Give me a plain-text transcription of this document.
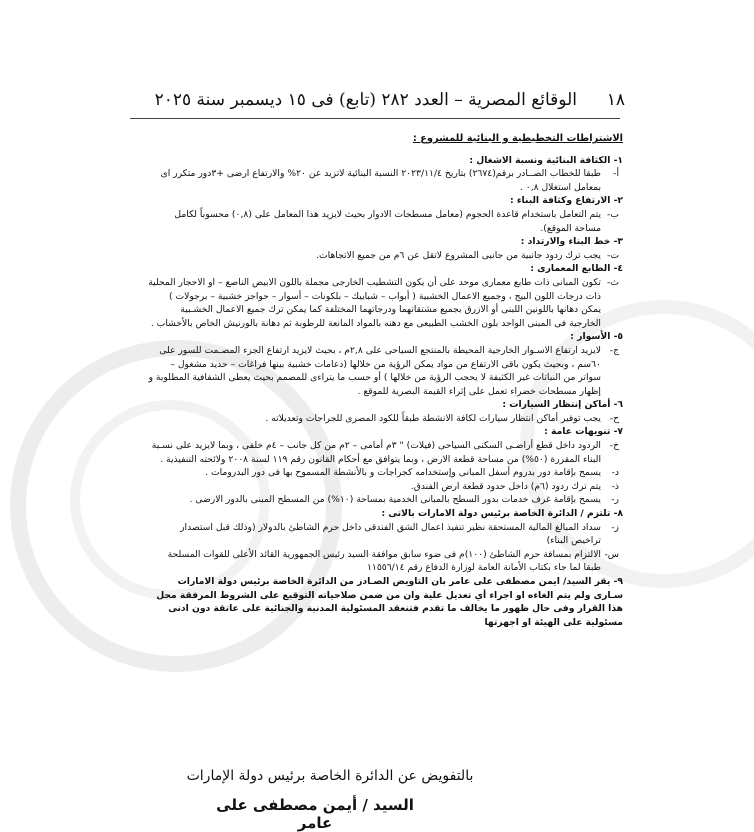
١٨
الوقائع المصرية – العدد ٢٨٢ (تابع) فى ١٥ ديسمبر سنة ٢٠٢٥

الاشتراطات التخطيطية و البنائية للمشروع :

١- الكثافة البنائية ونسبة الاشغال :

أ-
طبقا للخطاب الصــادر برقم(٢٦٧٤) بتاريخ ٢٠٢٣/١١/٤ النسبة البنائية لاتزيد عن ٢٠% والارتفاع ارضى +٣دور متكرر اى بمعامل استغلال ٠,٨ .

٢- الارتفاع وكثافة البناء :

ب-
يتم التعامل باستخدام قاعدة الحجوم (معامل مسطحات الادوار بحيث لايزيد هذا المعامل على (٠,٨) محسوباً لكامل مساحة الموقع).

٣- خط البناء والارتداد :

ت-
يجب ترك ردود جانبية من جانبى المشروع لاتقل عن ٦م من جميع الاتجاهات.

٤- الطابع المعمارى :

ث-
تكون المبانى ذات طابع معمارى موحد على أن يكون التشطيب الخارجى مجملة باللون الابيض الناصع – او الاحجار المحلية ذات درجات اللون البيج ، وجميع الاعمال الخشبية ( أبواب – شبابيك – بلكونات – أسوار – حواجز خشبية – برجولات ) يمكن دهانها باللونين اللبنى أو الازرق بجميع مشتقاتهما ودرجاتهما المختلفة كما يمكن ترك جميع الاعمال الخشـبية الخارجية فى المبنى الواحد بلون الخشب الطبيعى مع دهنه بالمواد المانعة للرطوبة ثم دهانة بالورنيش الخاص بالأخشاب .

٥- الأسوار :

ج-
لايزيد ارتفاع الاسـوار الخارجية المحيطة بالمنتجع السياحى على ٢,٨م ، بحيث لايزيد ارتفاع الجزء المصـمت للسور على ٦٠سم ، وبحيث يكون باقى الارتفاع من مواد يمكن الرؤية من خلالها (دعامات خشبية بينها فراغات – حديد مشغول – سواتر من النباتات غير الكثيفة لا يحجب الرؤية من خلالها ) أو حسب ما يتراءى للمصمم بحيث يعطى الشفافية المطلوبة و إظهار مسطحات خضراء تعمل على إثراء القيمة البصرية للموقع .

٦- أماكن إنتظار السيارات :

ح-
يجب توفير أماكن انتظار سيارات لكافة الانشطة طبقاً للكود المصرى للجراجات وتعديلاته .

٧- تنويهات عامة :

خ-
الردود داخل قطع أراضـى السكنى السياحى (فيلات) " ٣م أمامى – ٢م من كل جانب – ٤م خلفى ، وبما لايزيد على نسـبة البناء المقررة (٥٠%) من مساحة قطعة الارض ، وبما يتوافق مع أحكام القانون رقم ١١٩ لسنة ٢٠٠٨ ولائحته التنفيذية .
د-
يسمح بإقامة دور بدروم أسفل المبانى وإستخدامه كجراجات و بالأنشطة المسموح بها فى دور البدرومات .
ذ-
يتم ترك ردود (٦م) داخل حدود قطعة ارض الفندق.
ر-
يسمح بإقامة غرف خدمات بدور السطح بالمبانى الخدمية بمساحة (١٠%) من المسطح المبنى بالدور الارضى .

٨- تلتزم / الدائرة الخاصة برئيس دولة الامارات بالاتى :

ز-
سداد المبالغ المالية المستحقة نظير تنفيذ اعمال الشق الفندقى داخل حرم الشاطئ بالدولار (وذلك قبل استصدار تراخيص البناء)
س-
الالتزام بمسافة حرم الشاطئ (١٠٠)م فى ضوء سابق موافقة السيد رئيس الجمهورية القائد الأعلى للقوات المسلحة طبقا لما جاء بكتاب الأمانة العامة لوزارة الدفاع رقم ١١٥٥٦/١٤

٩- يقر السيد/ ايمن مصطفى على عامر بان التاويض الصـادر من الدائرة الخاصة برئيس دولة الامارات سـارى ولم يتم الغاءه او اجراء أي تعديل علية وان من ضمن صلاحياته التوقيع على الشروط المرفقة محل هذا القرار وفى حال ظهور ما يخالف ما تقدم فتنعقد المسئولية المدنية والجنائية على عاتقة دون ادنى مسئولية على الهيئة او اجهزتها

بالتفويض عن الدائرة الخاصة برئيس دولة الإمارات
السيد / أيمن مصطفى على عامر
